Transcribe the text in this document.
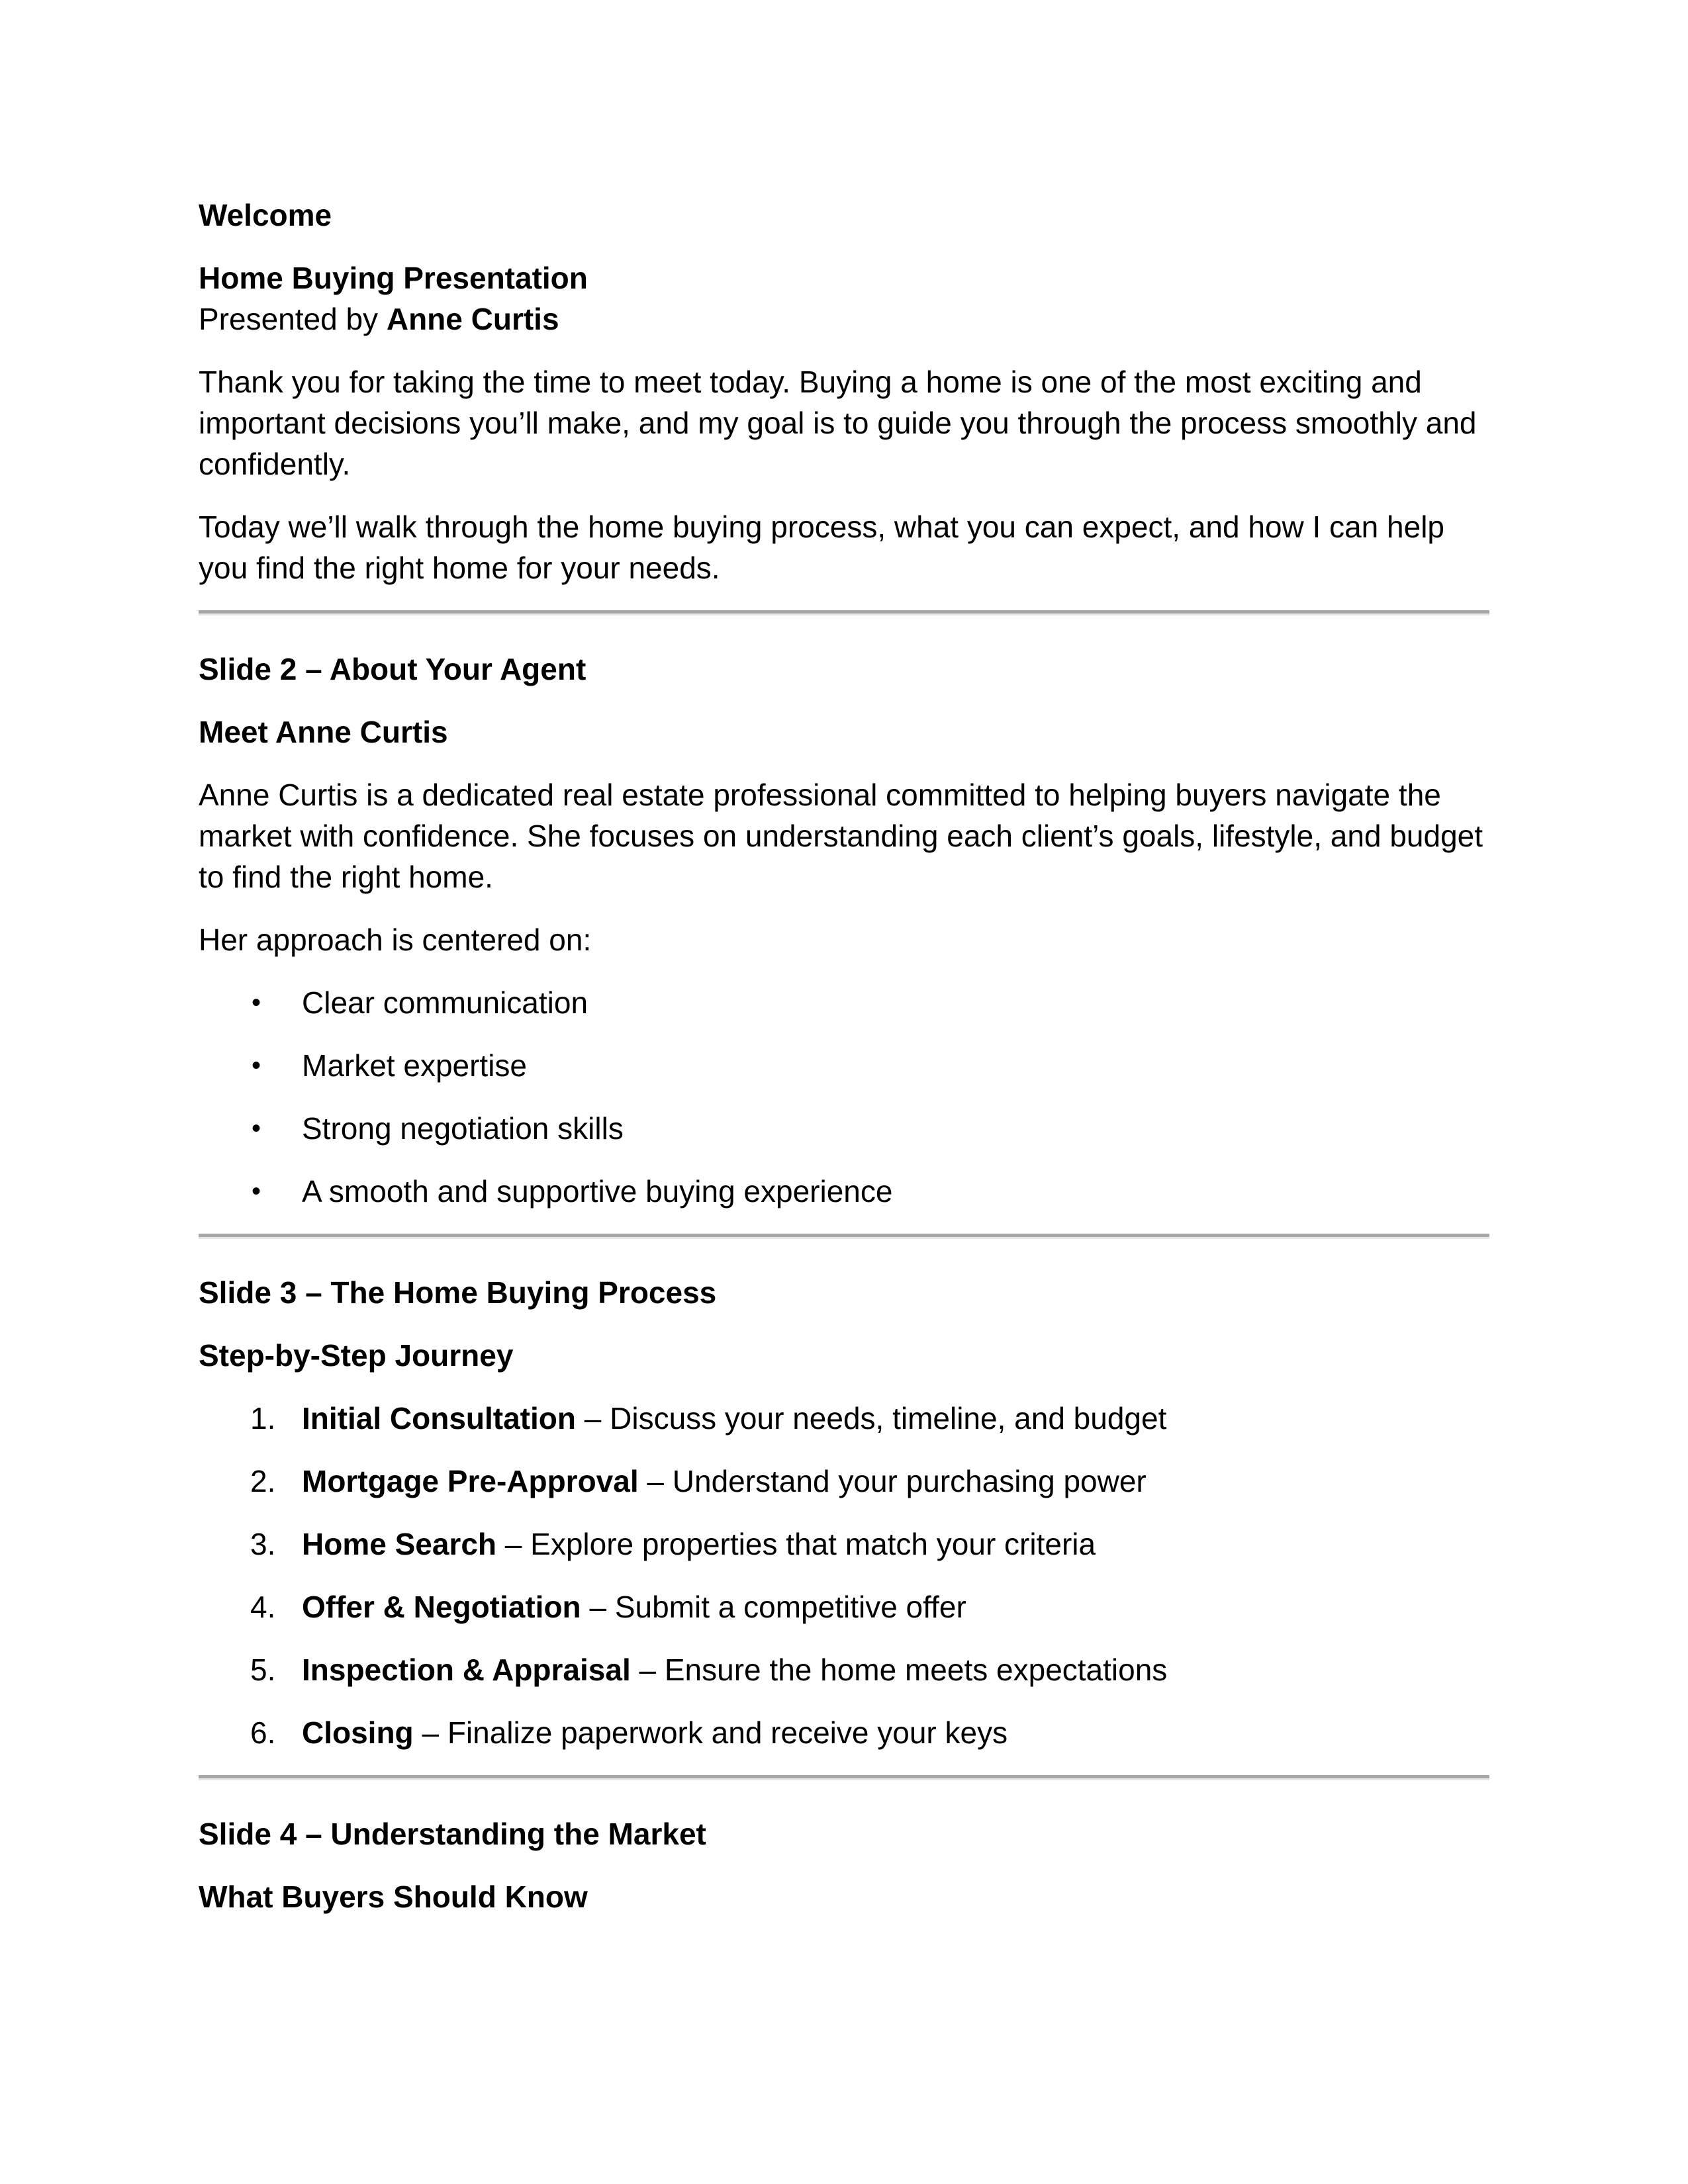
Welcome

Home Buying Presentation
Presented by Anne Curtis

Thank you for taking the time to meet today. Buying a home is one of the most exciting and important decisions you’ll make, and my goal is to guide you through the process smoothly and confidently.

Today we’ll walk through the home buying process, what you can expect, and how I can help you find the right home for your needs.

Slide 2 – About Your Agent

Meet Anne Curtis

Anne Curtis is a dedicated real estate professional committed to helping buyers navigate the market with confidence. She focuses on understanding each client’s goals, lifestyle, and budget to find the right home.

Her approach is centered on:

• Clear communication
• Market expertise
• Strong negotiation skills
• A smooth and supportive buying experience

Slide 3 – The Home Buying Process

Step-by-Step Journey

1. Initial Consultation – Discuss your needs, timeline, and budget
2. Mortgage Pre-Approval – Understand your purchasing power
3. Home Search – Explore properties that match your criteria
4. Offer & Negotiation – Submit a competitive offer
5. Inspection & Appraisal – Ensure the home meets expectations
6. Closing – Finalize paperwork and receive your keys

Slide 4 – Understanding the Market

What Buyers Should Know
